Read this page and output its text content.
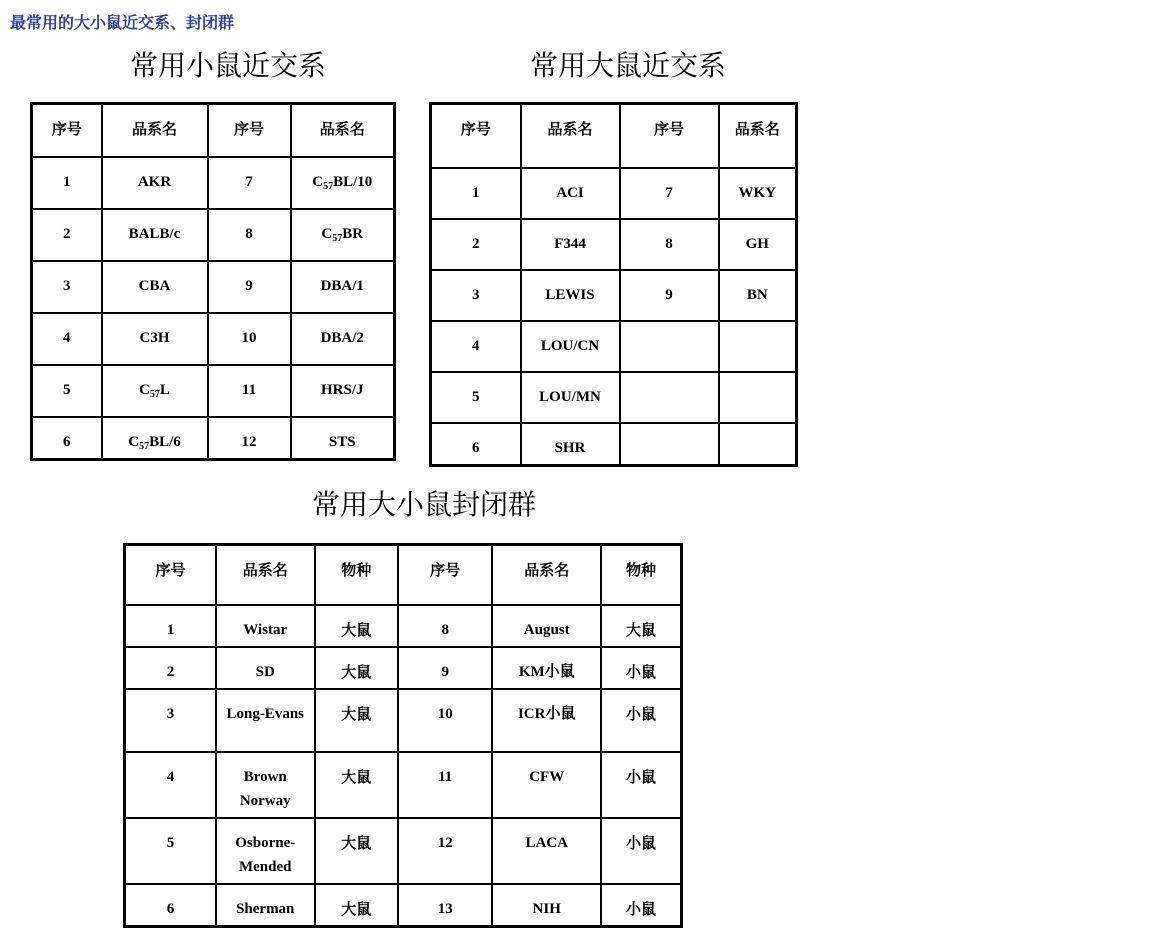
最常用的大小鼠近交系、封闭群
常用小鼠近交系
序号	品系名	序号	品系名
1	AKR	7	$C_{57}BL/10$
2	BALB/c	8	$C_{57}BR$
3	CBA	9	DBA/1
4	C3H	10	DBA/2
5	$C_{57}L$	11	HRS/J
6	$C_{57}BL/6$	12	STS
常用大鼠近交系
序号	品系名	序号	品系名
1	ACI	7	WKY
2	F344	8	GH
3	LEWIS	9	BN
4	LOU/CN		
5	LOU/MN		
6	SHR		
常用大小鼠封闭群
序号	品系名	物种	序号	品系名	物种
1	Wistar	大鼠	8	August	大鼠
2	SD	大鼠	9	KM小鼠	小鼠
3	Long-Evans	大鼠	10	ICR小鼠	小鼠
4	Brown Norway	大鼠	11	CFW	小鼠
5	Osborne-Mended	大鼠	12	LACA	小鼠
6	Sherman	大鼠	13	NIH	小鼠
